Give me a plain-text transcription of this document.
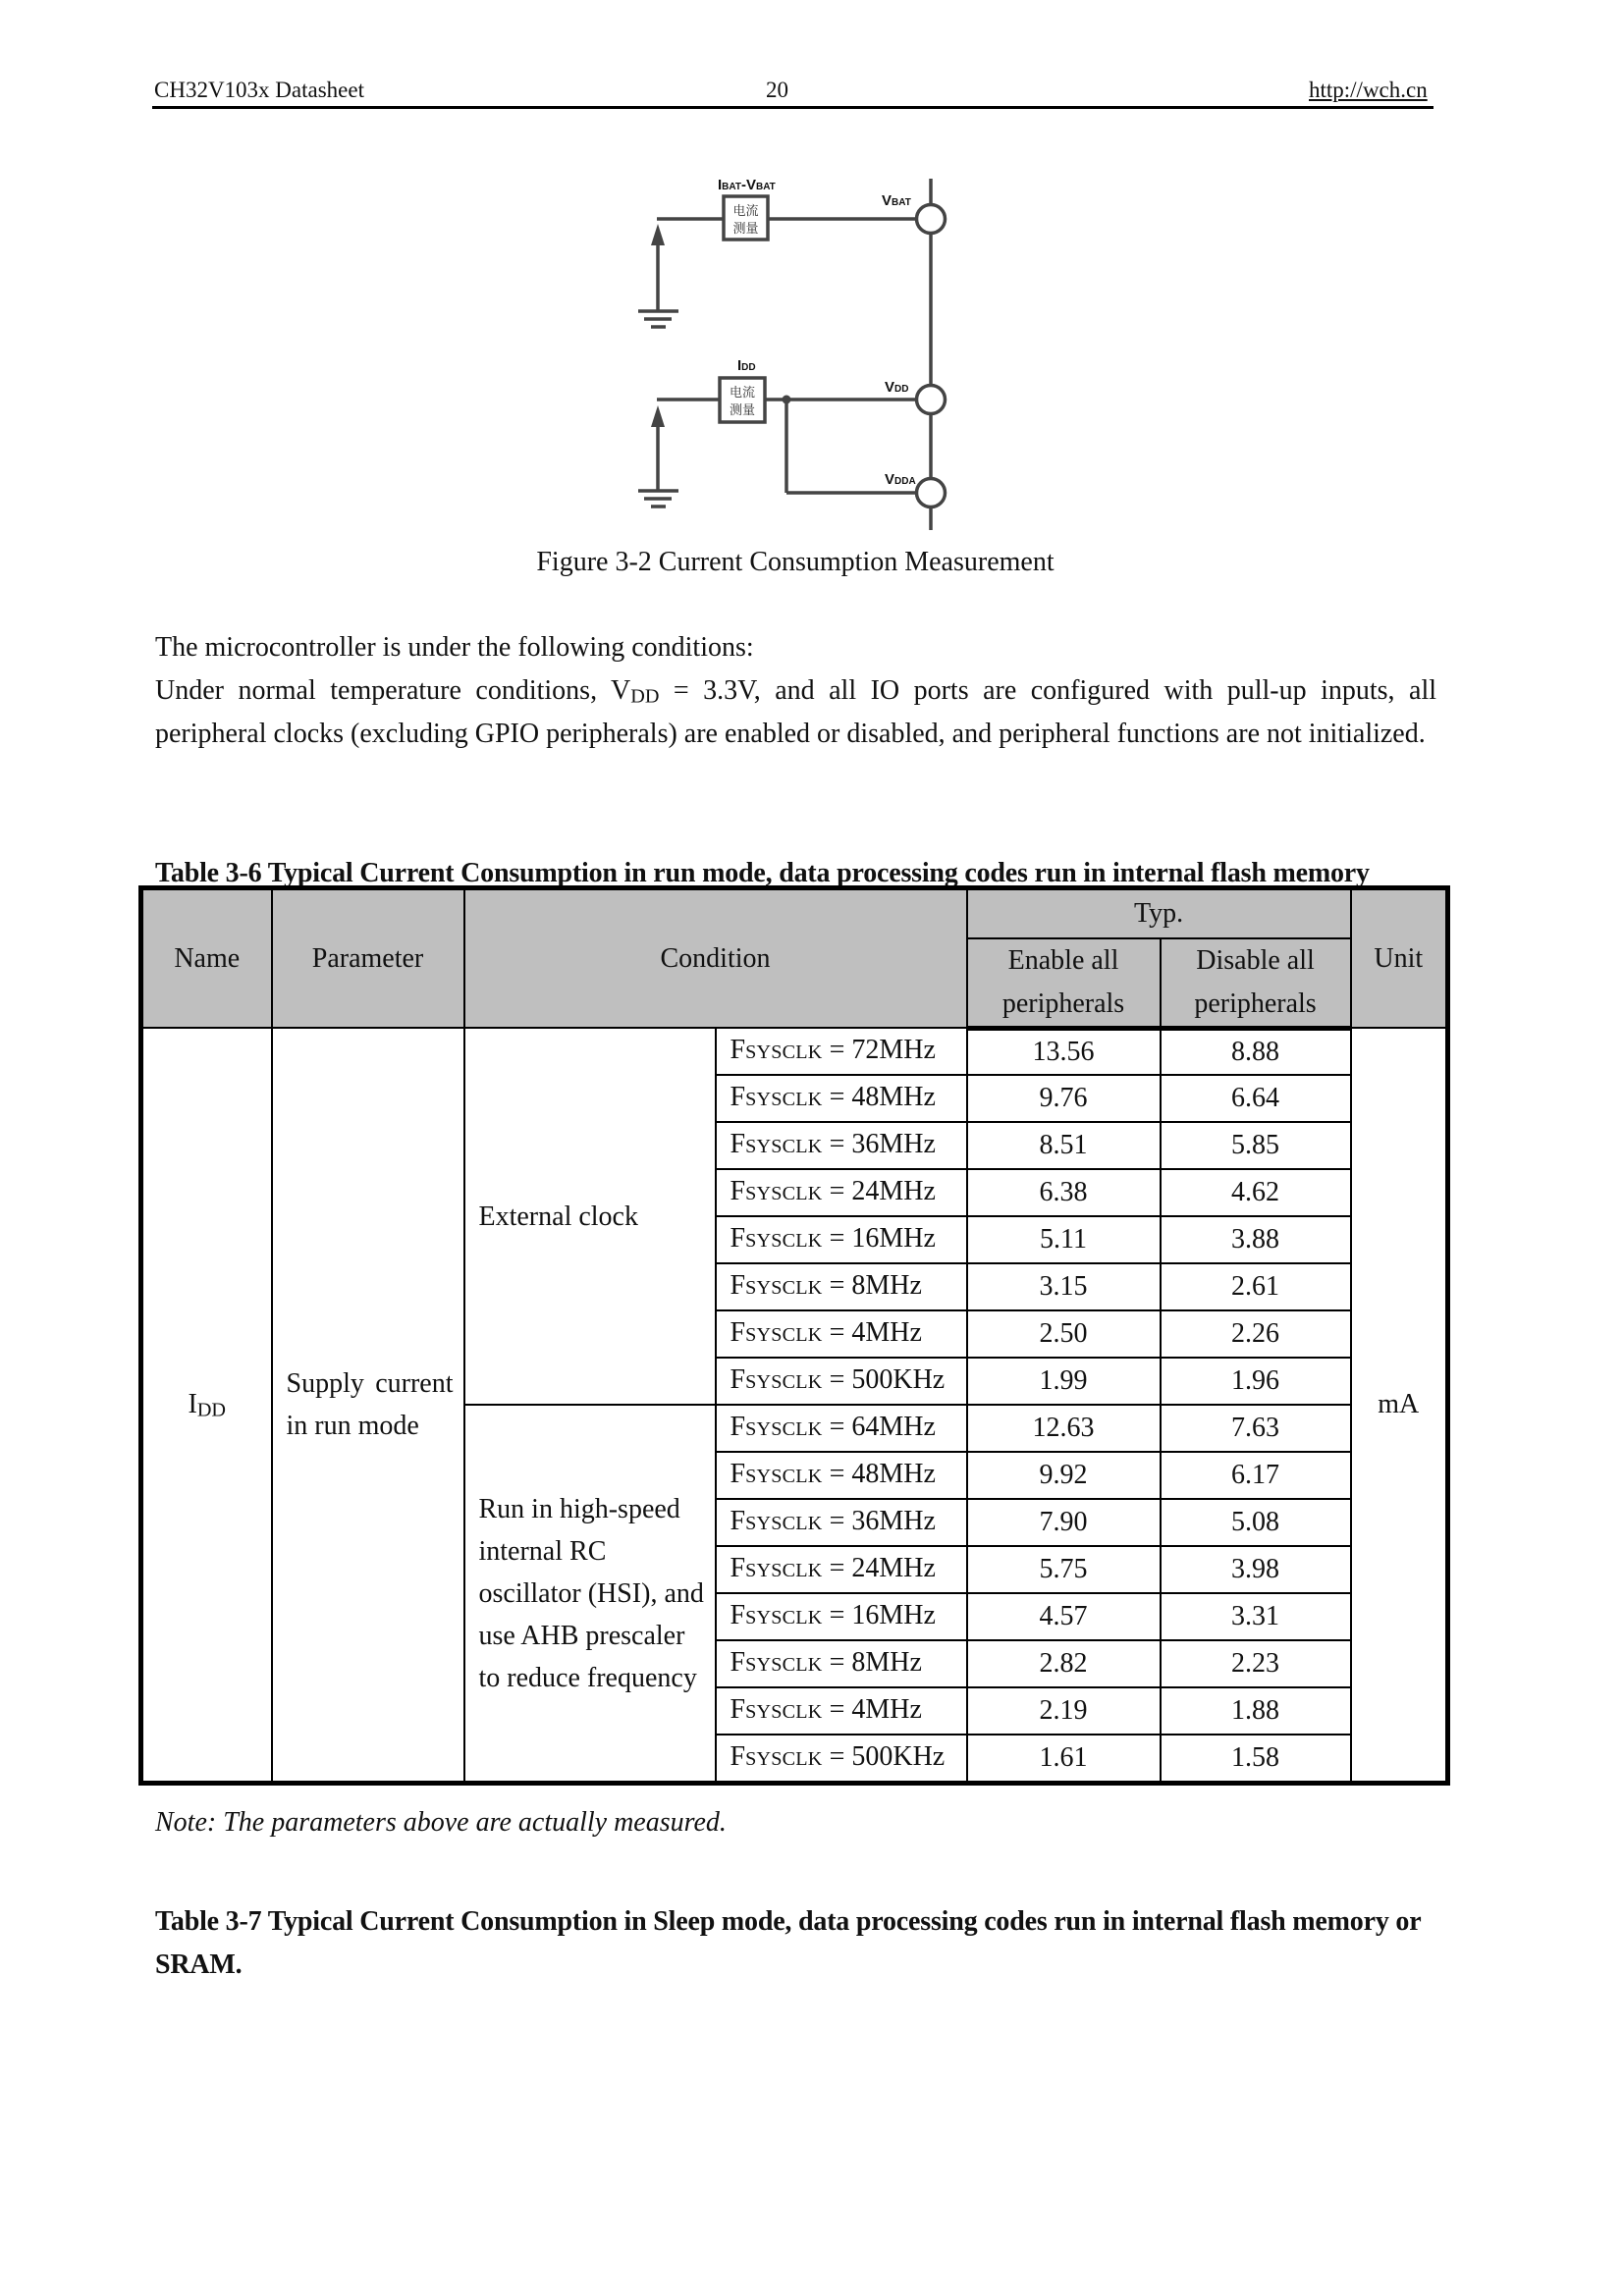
CH32V103x Datasheet	20	http://wch.cn
电流
测量
电流
测量
IBAT-VBAT
IDD
VBAT
VDD
VDDA
Figure 3-2 Current Consumption Measurement
The microcontroller is under the following conditions:
Under normal temperature conditions, $V_{DD} = 3.3V$, and all IO ports are configured with pull-up inputs, all peripheral clocks (excluding GPIO peripherals) are enabled or disabled, and peripheral functions are not initialized.
Table 3-6 Typical Current Consumption in run mode, data processing codes run in internal flash memory
Name	Parameter	Condition		Typ.		Unit
				Enable all peripherals	Disable all peripherals	
$I_{DD}$	Supply current in run mode	External clock	FSYSCLK = 72MHz	13.56	8.88	mA
			FSYSCLK = 48MHz	9.76	6.64	
			FSYSCLK = 36MHz	8.51	5.85	
			FSYSCLK = 24MHz	6.38	4.62	
			FSYSCLK = 16MHz	5.11	3.88	
			FSYSCLK = 8MHz	3.15	2.61	
			FSYSCLK = 4MHz	2.50	2.26	
			FSYSCLK = 500KHz	1.99	1.96	
		Run in high-speed internal RC oscillator (HSI), and use AHB prescaler to reduce frequency	FSYSCLK = 64MHz	12.63	7.63	
			FSYSCLK = 48MHz	9.92	6.17	
			FSYSCLK = 36MHz	7.90	5.08	
			FSYSCLK = 24MHz	5.75	3.98	
			FSYSCLK = 16MHz	4.57	3.31	
			FSYSCLK = 8MHz	2.82	2.23	
			FSYSCLK = 4MHz	2.19	1.88	
			FSYSCLK = 500KHz	1.61	1.58	
Note: The parameters above are actually measured.
Table 3-7 Typical Current Consumption in Sleep mode, data processing codes run in internal flash memory or SRAM.
